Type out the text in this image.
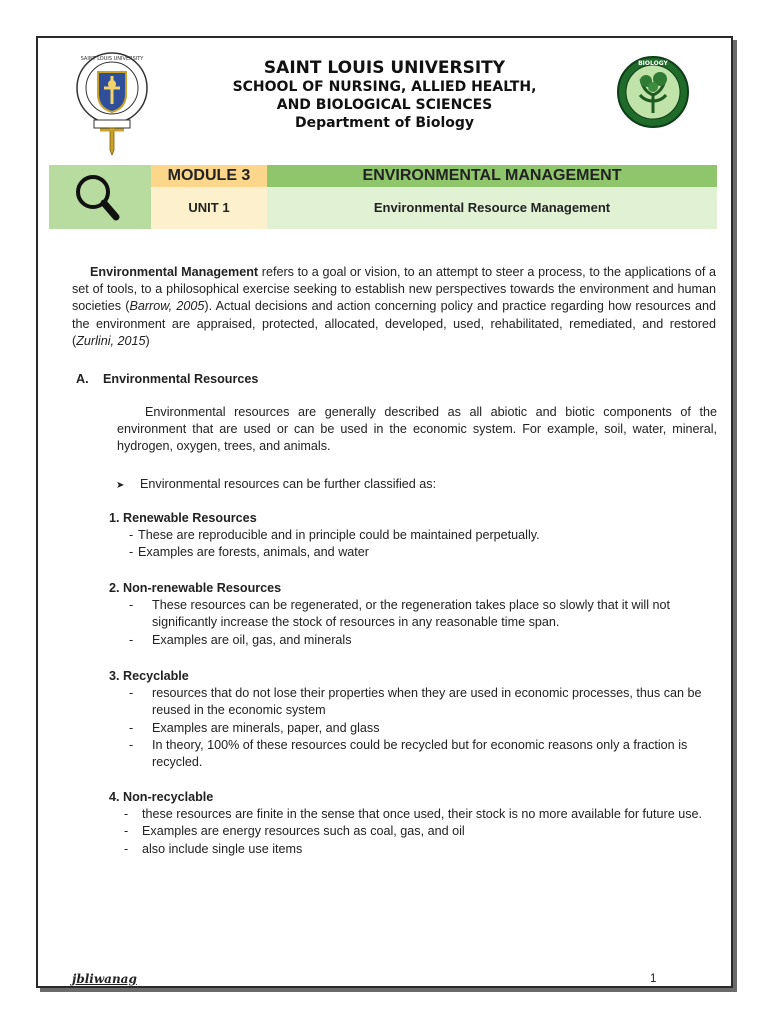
SAINT LOUIS UNIVERSITY	SAINT LOUIS UNIVERSITY
SCHOOL OF NURSING, ALLIED HEALTH,
AND BIOLOGICAL SCIENCES
Department of Biology
BIOLOGY
MODULE 3	ENVIRONMENTAL MANAGEMENT
UNIT 1	Environmental Resource Management
Environmental Management refers to a goal or vision, to an attempt to steer a process, to the applications of a set of tools, to a philosophical exercise seeking to establish new perspectives towards the environment and human societies (Barrow, 2005). Actual decisions and action concerning policy and practice regarding how resources and the environment are appraised, protected, allocated, developed, used, rehabilitated, remediated, and restored (Zurlini, 2015)
A. Environmental Resources
Environmental resources are generally described as all abiotic and biotic components of the environment that are used or can be used in the economic system. For example, soil, water, mineral, hydrogen, oxygen, trees, and animals.
➤ Environmental resources can be further classified as:
1. Renewable Resources
- These are reproducible and in principle could be maintained perpetually.
- Examples are forests, animals, and water
2. Non-renewable Resources
- These resources can be regenerated, or the regeneration takes place so slowly that it will not significantly increase the stock of resources in any reasonable time span.
- Examples are oil, gas, and minerals
3. Recyclable
- resources that do not lose their properties when they are used in economic processes, thus can be reused in the economic system
- Examples are minerals, paper, and glass
- In theory, 100% of these resources could be recycled but for economic reasons only a fraction is recycled.
4. Non-recyclable
- these resources are finite in the sense that once used, their stock is no more available for future use.
- Examples are energy resources such as coal, gas, and oil
- also include single use items
jbliwanag	1
